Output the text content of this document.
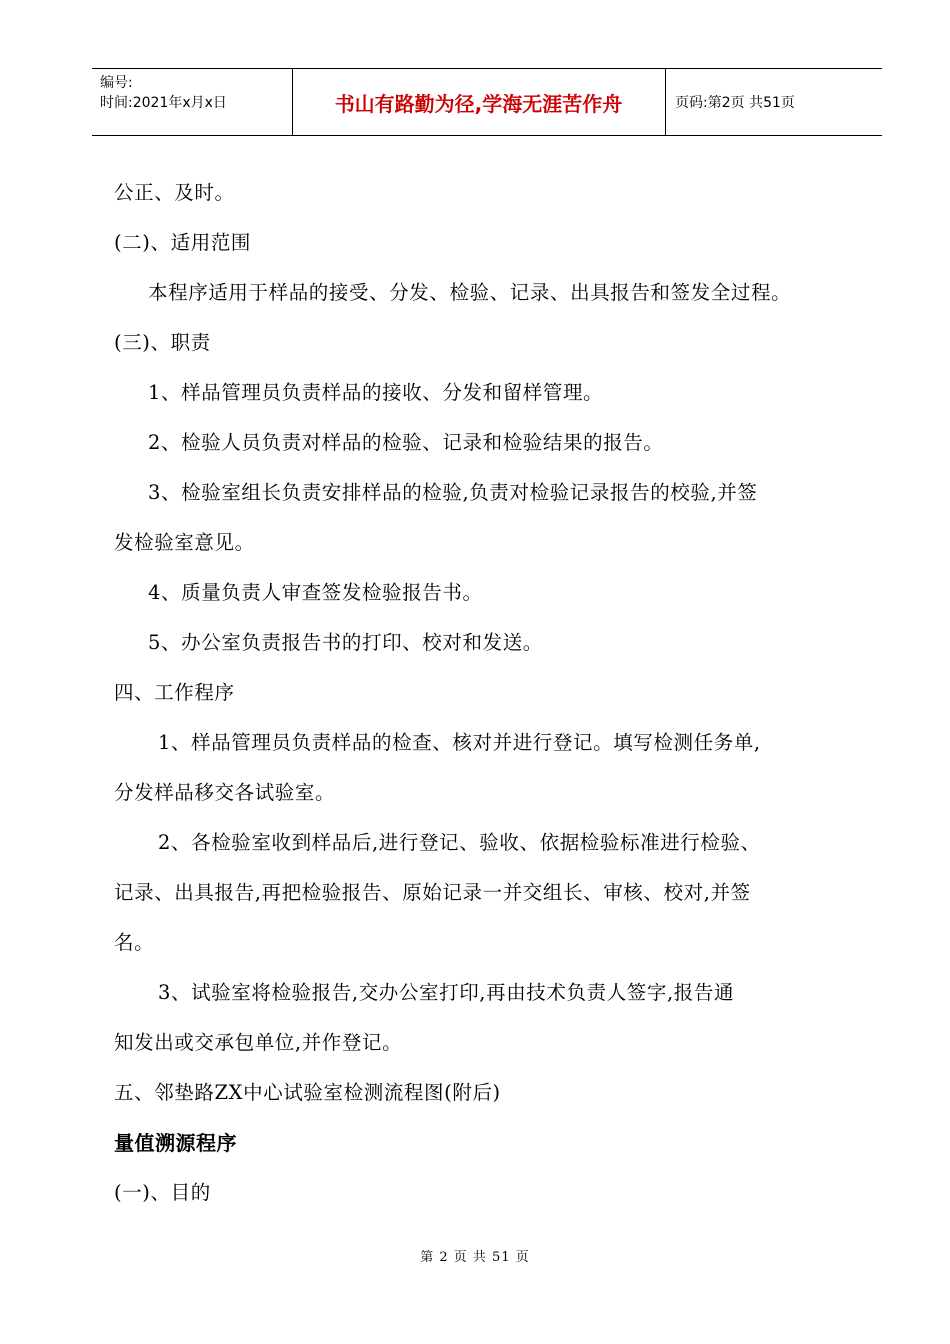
编号:
时间:2021年x月x日	书山有路勤为径,学海无涯苦作舟	页码:第2页 共51页
公正、及时。
(二)、适用范围
本程序适用于样品的接受、分发、检验、记录、出具报告和签发全过程。
(三)、职责
1、样品管理员负责样品的接收、分发和留样管理。
2、检验人员负责对样品的检验、记录和检验结果的报告。
3、检验室组长负责安排样品的检验,负责对检验记录报告的校验,并签
发检验室意见。
4、质量负责人审查签发检验报告书。
5、办公室负责报告书的打印、校对和发送。
四、工作程序
1、样品管理员负责样品的检查、核对并进行登记。填写检测任务单,
分发样品移交各试验室。
2、各检验室收到样品后,进行登记、验收、依据检验标准进行检验、
记录、出具报告,再把检验报告、原始记录一并交组长、审核、校对,并签
名。
3、试验室将检验报告,交办公室打印,再由技术负责人签字,报告通
知发出或交承包单位,并作登记。
五、邻垫路ZX中心试验室检测流程图(附后)
量值溯源程序
(一)、目的
第 2 页 共 51 页
